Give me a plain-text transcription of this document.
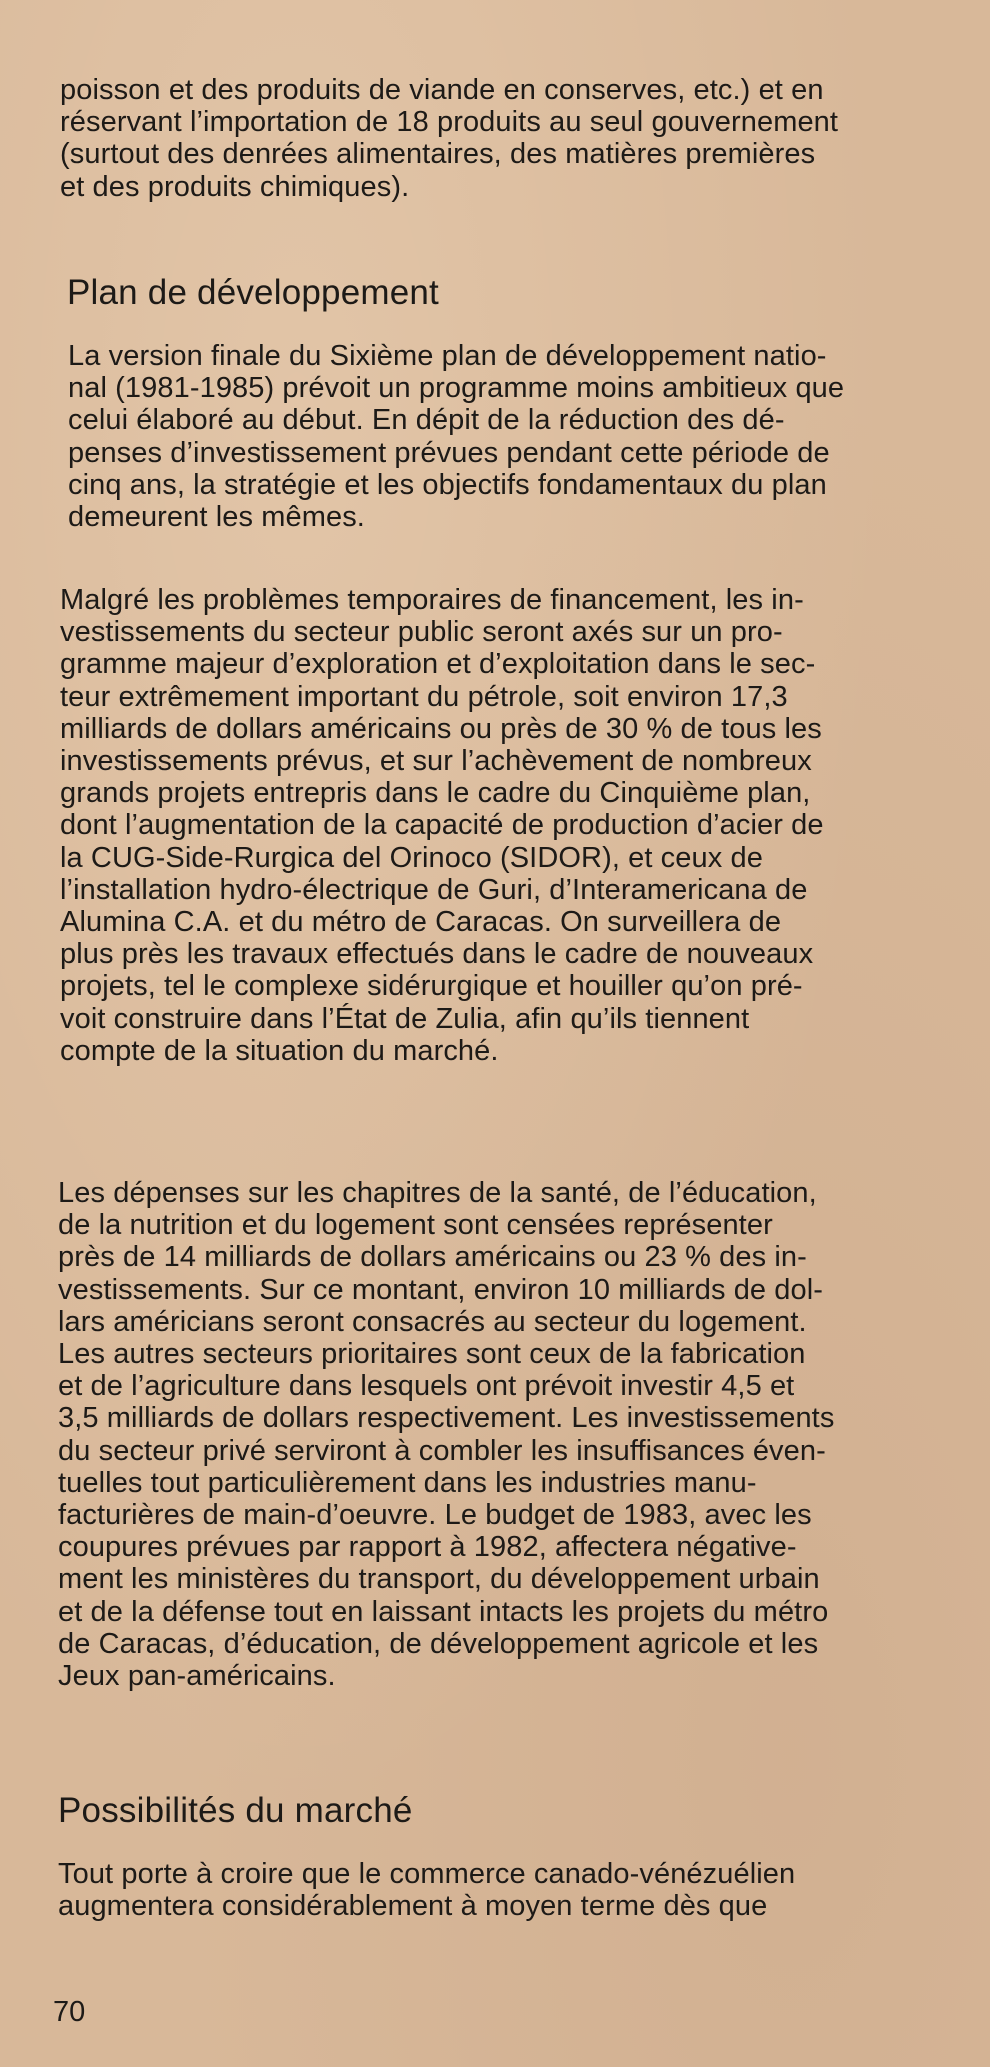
poisson et des produits de viande en conserves, etc.) et en
réservant l’importation de 18 produits au seul gouvernement
(surtout des denrées alimentaires, des matières premières
et des produits chimiques).

Plan de développement

La version finale du Sixième plan de développement natio-
nal (1981-1985) prévoit un programme moins ambitieux que
celui élaboré au début. En dépit de la réduction des dé-
penses d’investissement prévues pendant cette période de
cinq ans, la stratégie et les objectifs fondamentaux du plan
demeurent les mêmes.

Malgré les problèmes temporaires de financement, les in-
vestissements du secteur public seront axés sur un pro-
gramme majeur d’exploration et d’exploitation dans le sec-
teur extrêmement important du pétrole, soit environ 17,3
milliards de dollars américains ou près de 30 % de tous les
investissements prévus, et sur l’achèvement de nombreux
grands projets entrepris dans le cadre du Cinquième plan,
dont l’augmentation de la capacité de production d’acier de
la CUG-Side-Rurgica del Orinoco (SIDOR), et ceux de
l’installation hydro-électrique de Guri, d’Interamericana de
Alumina C.A. et du métro de Caracas. On surveillera de
plus près les travaux effectués dans le cadre de nouveaux
projets, tel le complexe sidérurgique et houiller qu’on pré-
voit construire dans l’État de Zulia, afin qu’ils tiennent
compte de la situation du marché.

Les dépenses sur les chapitres de la santé, de l’éducation,
de la nutrition et du logement sont censées représenter
près de 14 milliards de dollars américains ou 23 % des in-
vestissements. Sur ce montant, environ 10 milliards de dol-
lars américians seront consacrés au secteur du logement.
Les autres secteurs prioritaires sont ceux de la fabrication
et de l’agriculture dans lesquels ont prévoit investir 4,5 et
3,5 milliards de dollars respectivement. Les investissements
du secteur privé serviront à combler les insuffisances éven-
tuelles tout particulièrement dans les industries manu-
facturières de main-d’oeuvre. Le budget de 1983, avec les
coupures prévues par rapport à 1982, affectera négative-
ment les ministères du transport, du développement urbain
et de la défense tout en laissant intacts les projets du métro
de Caracas, d’éducation, de développement agricole et les
Jeux pan-américains.

Possibilités du marché

Tout porte à croire que le commerce canado-vénézuélien
augmentera considérablement à moyen terme dès que

70
